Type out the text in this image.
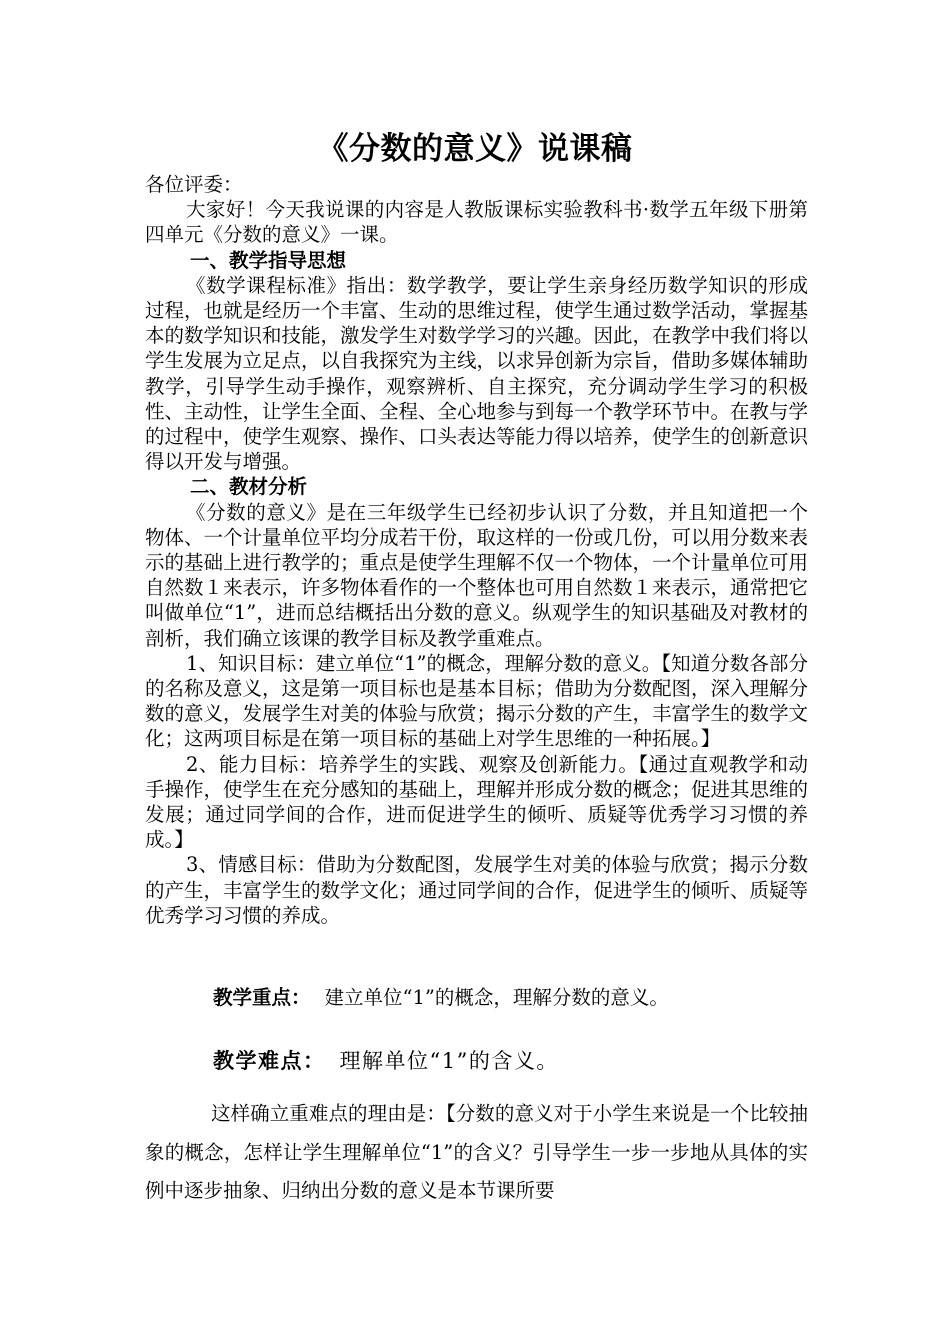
《分数的意义》说课稿

各位评委：

大家好！今天我说课的内容是人教版课标实验教科书·数学五年级下册第四单元《分数的意义》一课。

一、教学指导思想

《数学课程标准》指出：数学教学，要让学生亲身经历数学知识的形成过程，也就是经历一个丰富、生动的思维过程，使学生通过数学活动，掌握基本的数学知识和技能，激发学生对数学学习的兴趣。因此，在教学中我们将以学生发展为立足点，以自我探究为主线，以求异创新为宗旨，借助多媒体辅助教学，引导学生动手操作，观察辨析、自主探究，充分调动学生学习的积极性、主动性，让学生全面、全程、全心地参与到每一个教学环节中。在教与学的过程中，使学生观察、操作、口头表达等能力得以培养，使学生的创新意识得以开发与增强。

二、教材分析

《分数的意义》是在三年级学生已经初步认识了分数，并且知道把一个物体、一个计量单位平均分成若干份，取这样的一份或几份，可以用分数来表示的基础上进行教学的；重点是使学生理解不仅一个物体，一个计量单位可用自然数１来表示，许多物体看作的一个整体也可用自然数１来表示，通常把它叫做单位“1”，进而总结概括出分数的意义。纵观学生的知识基础及对教材的剖析，我们确立该课的教学目标及教学重难点。

1、知识目标：建立单位“1”的概念，理解分数的意义。【知道分数各部分的名称及意义，这是第一项目标也是基本目标；借助为分数配图，深入理解分数的意义，发展学生对美的体验与欣赏；揭示分数的产生，丰富学生的数学文化；这两项目标是在第一项目标的基础上对学生思维的一种拓展。】

2、能力目标：培养学生的实践、观察及创新能力。【通过直观教学和动手操作，使学生在充分感知的基础上，理解并形成分数的概念；促进其思维的发展；通过同学间的合作，进而促进学生的倾听、质疑等优秀学习习惯的养成。】

3、情感目标：借助为分数配图，发展学生对美的体验与欣赏；揭示分数的产生，丰富学生的数学文化；通过同学间的合作，促进学生的倾听、质疑等优秀学习习惯的养成。

教学重点： 建立单位“1”的概念，理解分数的意义。
教学难点： 理解单位“1”的含义。

这样确立重难点的理由是：【分数的意义对于小学生来说是一个比较抽象的概念，怎样让学生理解单位“1”的含义？引导学生一步一步地从具体的实例中逐步抽象、归纳出分数的意义是本节课所要
